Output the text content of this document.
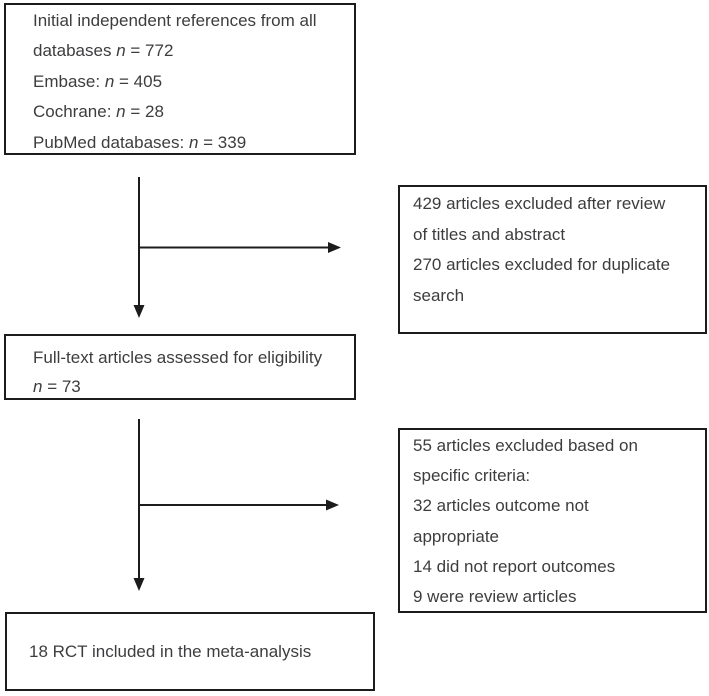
Initial independent references from all
databases n = 772
Embase: n = 405
Cochrane: n = 28
PubMed databases: n = 339
429 articles excluded after review
of titles and abstract
270 articles excluded for duplicate
search
Full-text articles assessed for eligibility
n = 73
55 articles excluded based on
specific criteria:
32 articles outcome not
appropriate
14 did not report outcomes
9 were review articles
18 RCT included in the meta-analysis
